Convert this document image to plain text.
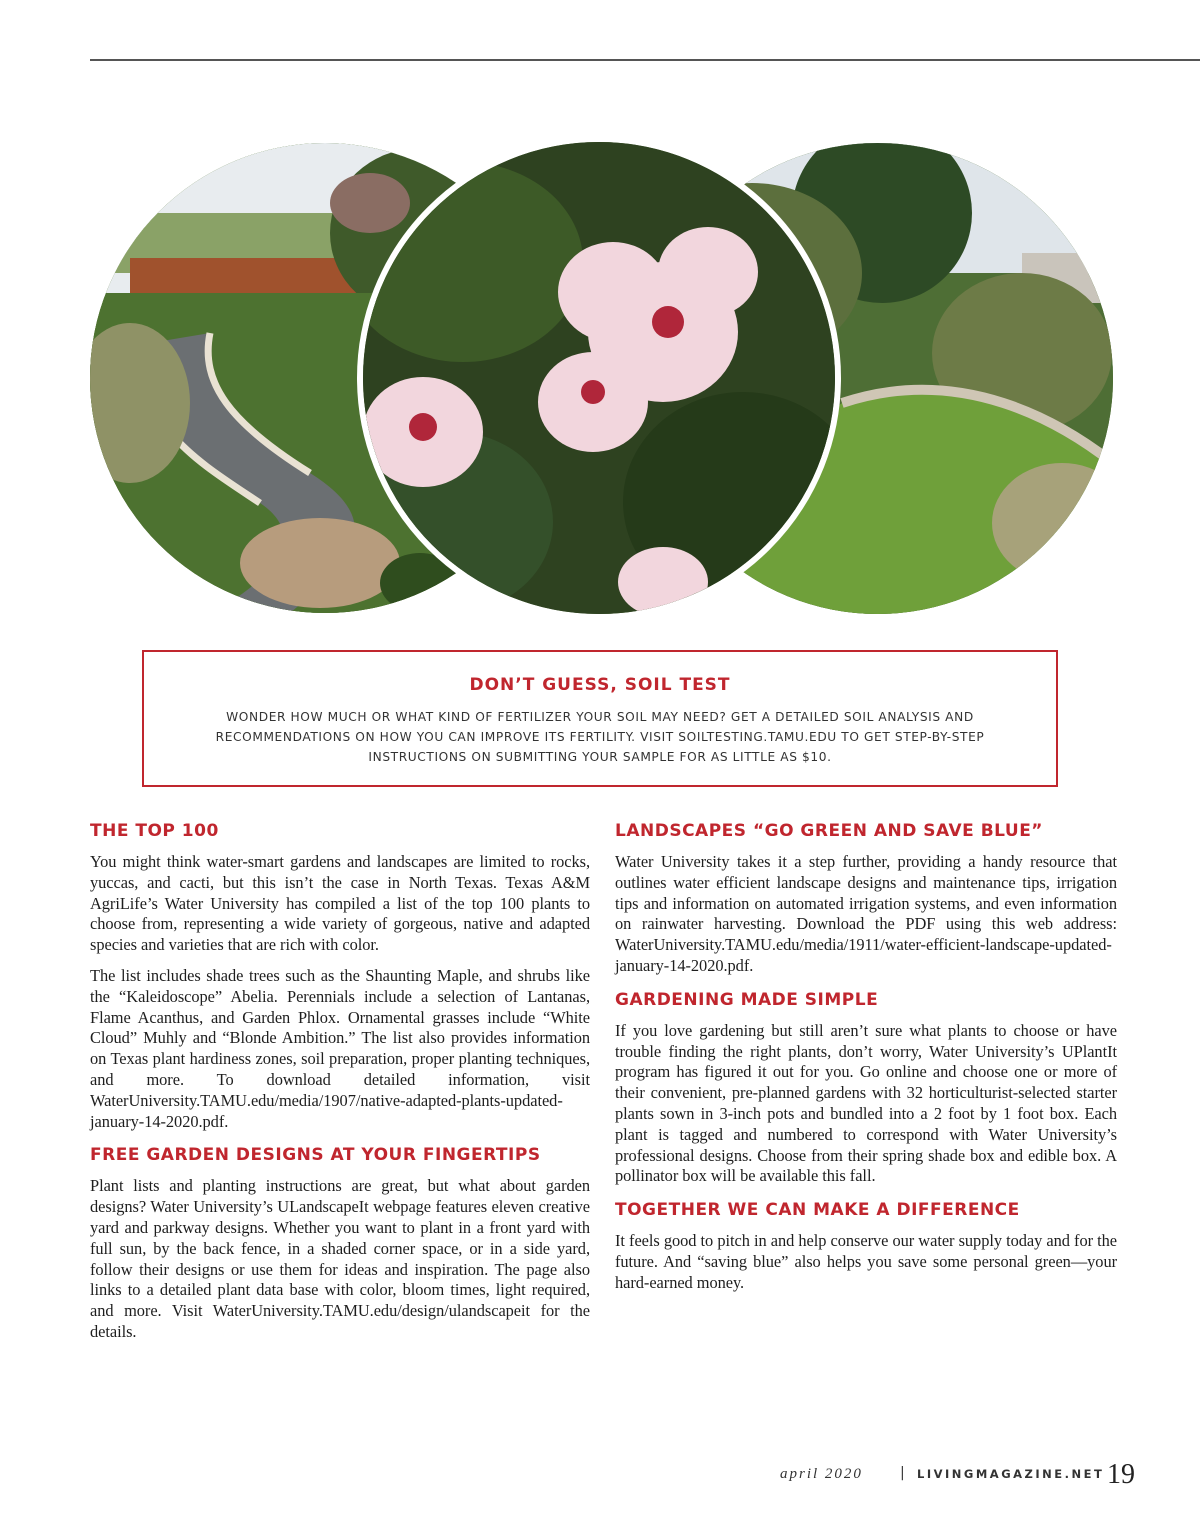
DON’T GUESS, SOIL TEST
WONDER HOW MUCH OR WHAT KIND OF FERTILIZER YOUR SOIL MAY NEED? GET A DETAILED SOIL ANALYSIS AND RECOMMENDATIONS ON HOW YOU CAN IMPROVE ITS FERTILITY. VISIT SOILTESTING.TAMU.EDU TO GET STEP-BY-STEP INSTRUCTIONS ON SUBMITTING YOUR SAMPLE FOR AS LITTLE AS $10.
THE TOP 100

You might think water-smart gardens and landscapes are limited to rocks, yuccas, and cacti, but this isn’t the case in North Texas. Texas A&M AgriLife’s Water University has compiled a list of the top 100 plants to choose from, representing a wide variety of gorgeous, native and adapted species and varieties that are rich with color.

The list includes shade trees such as the Shaunting Maple, and shrubs like the “Kaleidoscope” Abelia. Perennials include a selection of Lantanas, Flame Acanthus, and Garden Phlox. Ornamental grasses include “White Cloud” Muhly and “Blonde Ambition.” The list also provides information on Texas plant hardiness zones, soil preparation, proper planting techniques, and more. To download detailed information, visit WaterUniversity.TAMU.edu/media/1907/native-adapted-plants-updated-january-14-2020.pdf.

FREE GARDEN DESIGNS AT YOUR FINGERTIPS

Plant lists and planting instructions are great, but what about garden designs? Water University’s ULandscapeIt webpage features eleven creative yard and parkway designs. Whether you want to plant in a front yard with full sun, by the back fence, in a shaded corner space, or in a side yard, follow their designs or use them for ideas and inspiration. The page also links to a detailed plant data base with color, bloom times, light required, and more. Visit WaterUniversity.TAMU.edu/design/ulandscapeit for the details.

LANDSCAPES “GO GREEN AND SAVE BLUE”

Water University takes it a step further, providing a handy resource that outlines water efficient landscape designs and maintenance tips, irrigation tips and information on automated irrigation systems, and even information on rainwater harvesting. Download the PDF using this web address: WaterUniversity.TAMU.edu/media/1911/water-efficient-landscape-updated-january-14-2020.pdf.

GARDENING MADE SIMPLE

If you love gardening but still aren’t sure what plants to choose or have trouble finding the right plants, don’t worry, Water University’s UPlantIt program has figured it out for you. Go online and choose one or more of their convenient, pre-planned gardens with 32 horticulturist-selected starter plants sown in 3-inch pots and bundled into a 2 foot by 1 foot box. Each plant is tagged and numbered to correspond with Water University’s professional designs. Choose from their spring shade box and edible box. A pollinator box will be available this fall.

TOGETHER WE CAN MAKE A DIFFERENCE

It feels good to pitch in and help conserve our water supply today and for the future. And “saving blue” also helps you save some personal green—your hard-earned money.

april 2020	| LIVINGMAGAZINE.NET 19
